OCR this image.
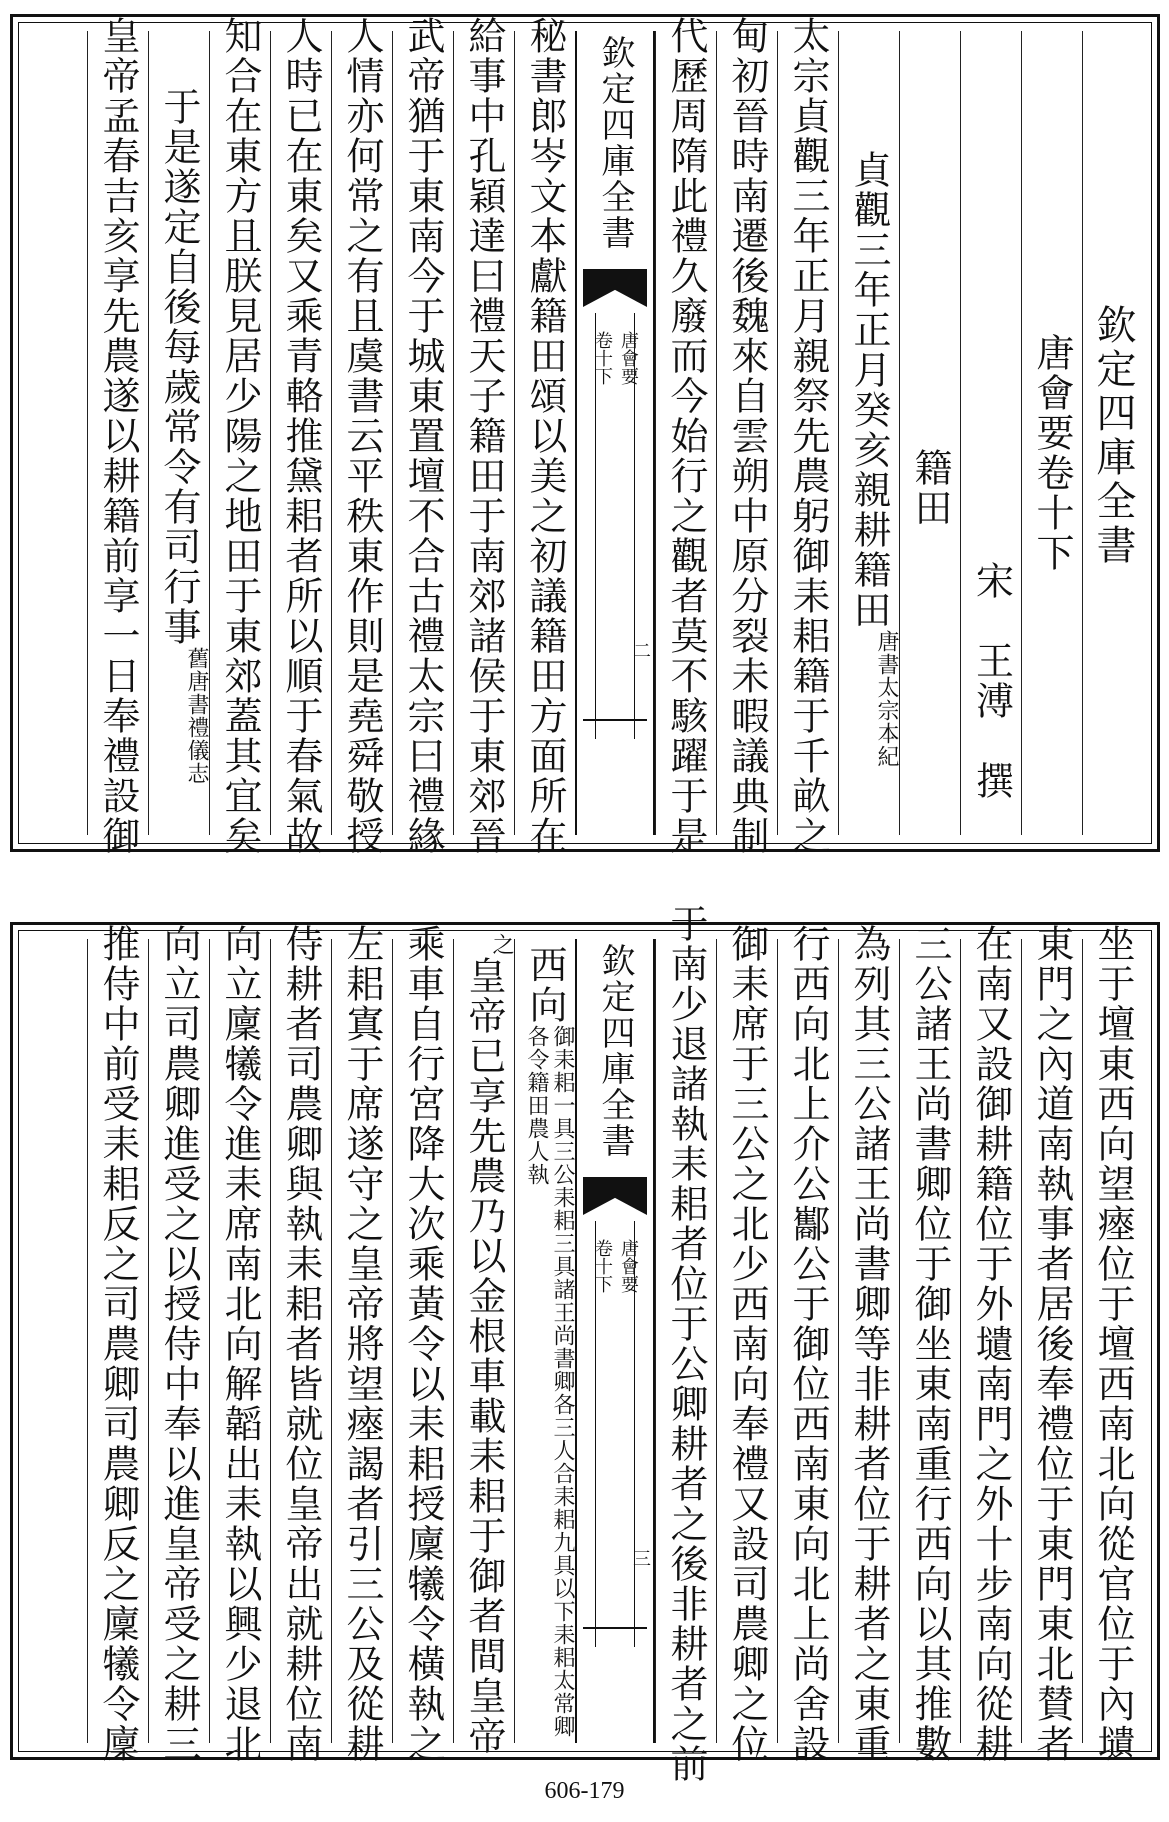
欽定四庫全書
唐會要卷十下
宋　王溥　撰
籍田
貞觀三年正月癸亥親耕籍田
唐書太宗本紀
太宗貞觀三年正月親祭先農躬御耒耜籍于千畝之
甸初晉時南遷後魏來自雲朔中原分裂未暇議典制
代歷周隋此禮久廢而今始行之觀者莫不駭躍于是
欽定四庫全書
唐會要
卷十下
二
秘書郎岑文本獻籍田頌以美之初議籍田方面所在
給事中孔穎達曰禮天子籍田于南郊諸侯于東郊晉
武帝猶于東南今于城東置壇不合古禮太宗曰禮緣
人情亦何常之有且虞書云平秩東作則是堯舜敬授
人時已在東矣又乘青輅推黛耜者所以順于春氣故
知合在東方且朕見居少陽之地田于東郊蓋其宜矣
于是遂定自後每歲常令有司行事
舊唐書禮儀志
皇帝孟春吉亥享先農遂以耕籍前享一日奉禮設御
坐于壇東西向望瘞位于壇西南北向從官位于內壝
東門之內道南執事者居後奉禮位于東門東北賛者
在南又設御耕籍位于外壝南門之外十步南向從耕
三公諸王尚書卿位于御坐東南重行西向以其推數
為列其三公諸王尚書卿等非耕者位于耕者之東重
行西向北上介公酅公于御位西南東向北上尚舍設
御耒席于三公之北少西南向奉禮又設司農卿之位
于南少退諸執耒耜者位于公卿耕者之後非耕者之前
欽定四庫全書
唐會要
卷十下
三
西向
御耒耜一具三公耒耜三具諸王尚書卿各三人合耒耜九具以下耒耜太常卿各令籍田農人執
之
皇帝已享先農乃以金根車載耒耜于御者間皇帝
乘車自行宮降大次乘黃令以耒耜授廩犧令橫執之
左耜寘于席遂守之皇帝將望瘞謁者引三公及從耕
侍耕者司農卿與執耒耜者皆就位皇帝出就耕位南
向立廩犧令進耒席南北向解韜出耒執以興少退北
向立司農卿進受之以授侍中奉以進皇帝受之耕三
推侍中前受耒耜反之司農卿司農卿反之廩犧令廩
606-179
